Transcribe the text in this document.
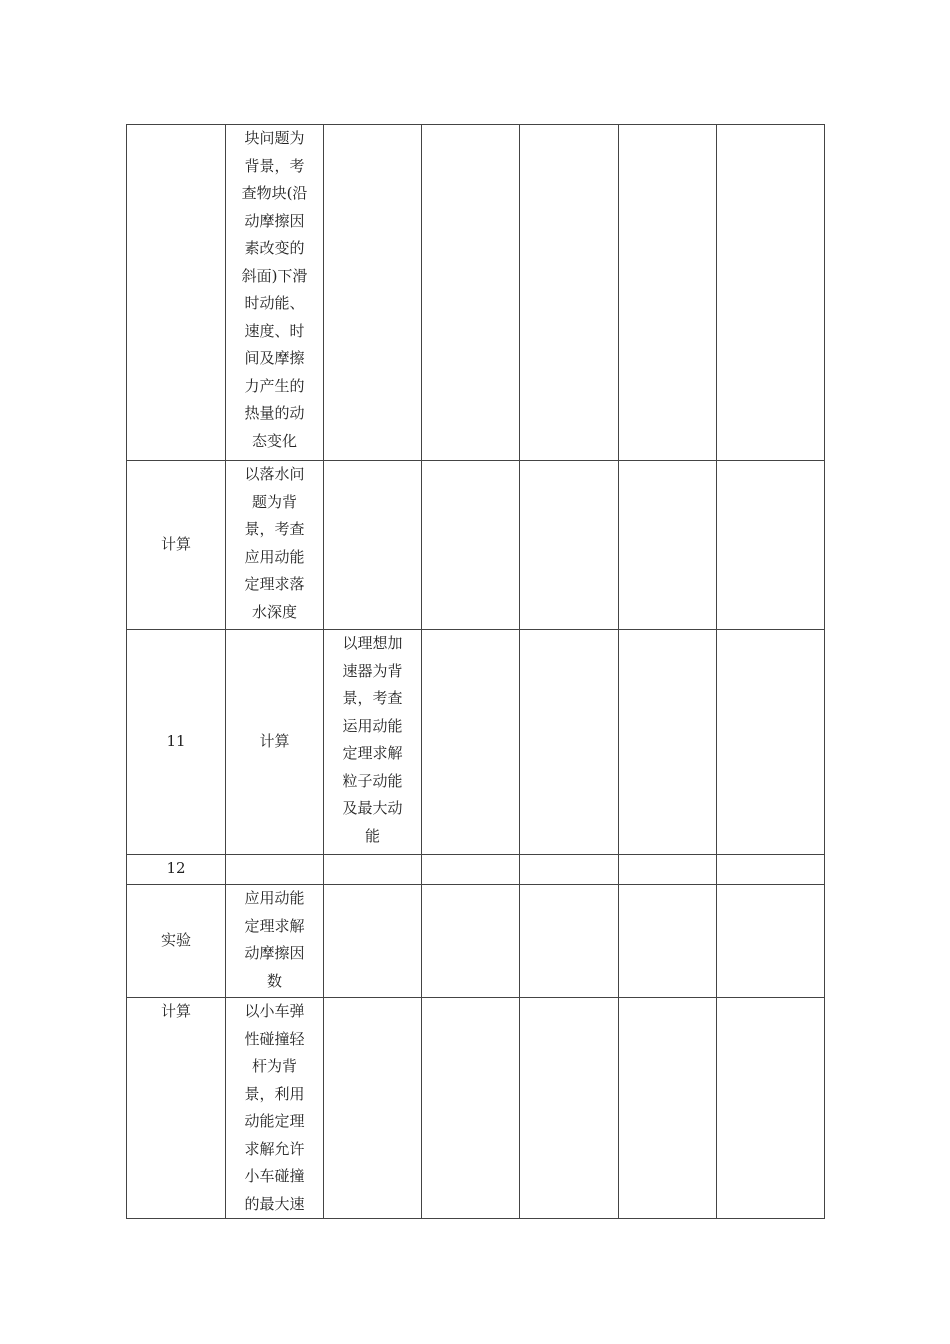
	块问题为背景，考查物块(沿动摩擦因素改变的斜面)下滑时动能、速度、时间及摩擦力产生的热量的动态变化					

计算	以落水问题为背景，考查应用动能定理求落水深度					

11	计算	以理想加速器为背景，考查运用动能定理求解粒子动能及最大动能				

12						
实验	应用动能定理求解动摩擦因数					

计算	以小车弹性碰撞轻杆为背景，利用动能定理求解允许小车碰撞的最大速					
